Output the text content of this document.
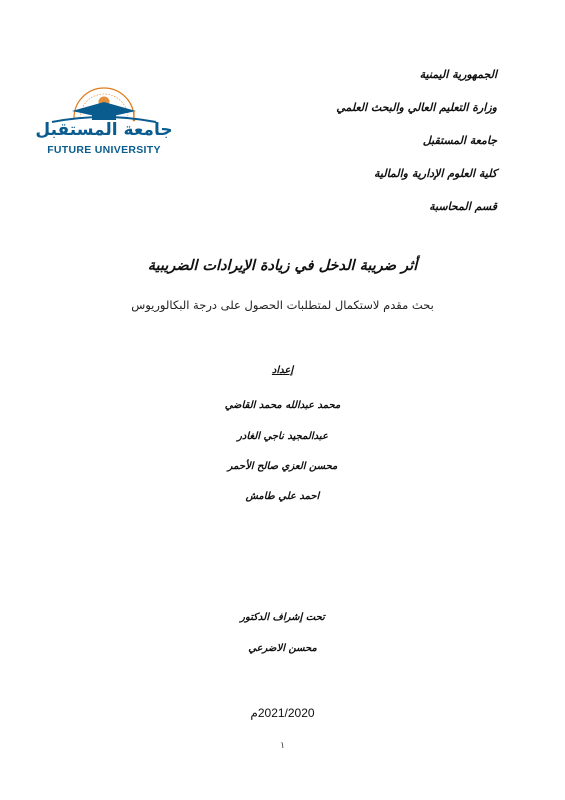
الجمهورية اليمنية
وزارة التعليم العالي والبحث العلمي
جامعة المستقبل
كلية العلوم الإدارية والمالية
قسم المحاسبة
جامعة المستقبل
FUTURE UNIVERSITY
أثر ضريبة الدخل في زيادة الإيرادات الضريبية
بحث مقدم لاستكمال لمتطلبات الحصول على درجة البكالوريوس
إعداد
محمد عبدالله محمد القاضي
عبدالمجيد ناجي الغادر
محسن العزي صالح الأحمر
احمد علي طامش
تحت إشراف الدكتور
محسن الاضرعي
2021/2020م
١
